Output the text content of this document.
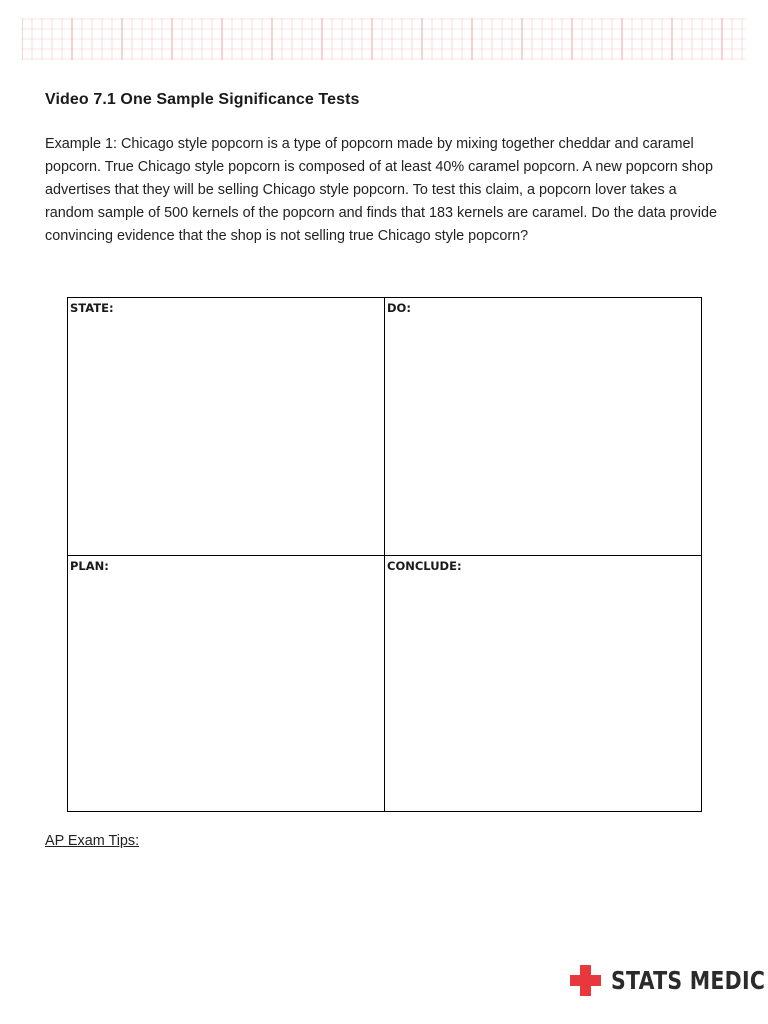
Video 7.1 One Sample Significance Tests

Example 1: Chicago style popcorn is a type of popcorn made by mixing together cheddar and caramel popcorn. True Chicago style popcorn is composed of at least 40% caramel popcorn. A new popcorn shop advertises that they will be selling Chicago style popcorn. To test this claim, a popcorn lover takes a random sample of 500 kernels of the popcorn and finds that 183 kernels are caramel. Do the data provide convincing evidence that the shop is not selling true Chicago style popcorn?

STATE:	DO:
PLAN:	CONCLUDE:
AP Exam Tips:
STATS MEDIC
